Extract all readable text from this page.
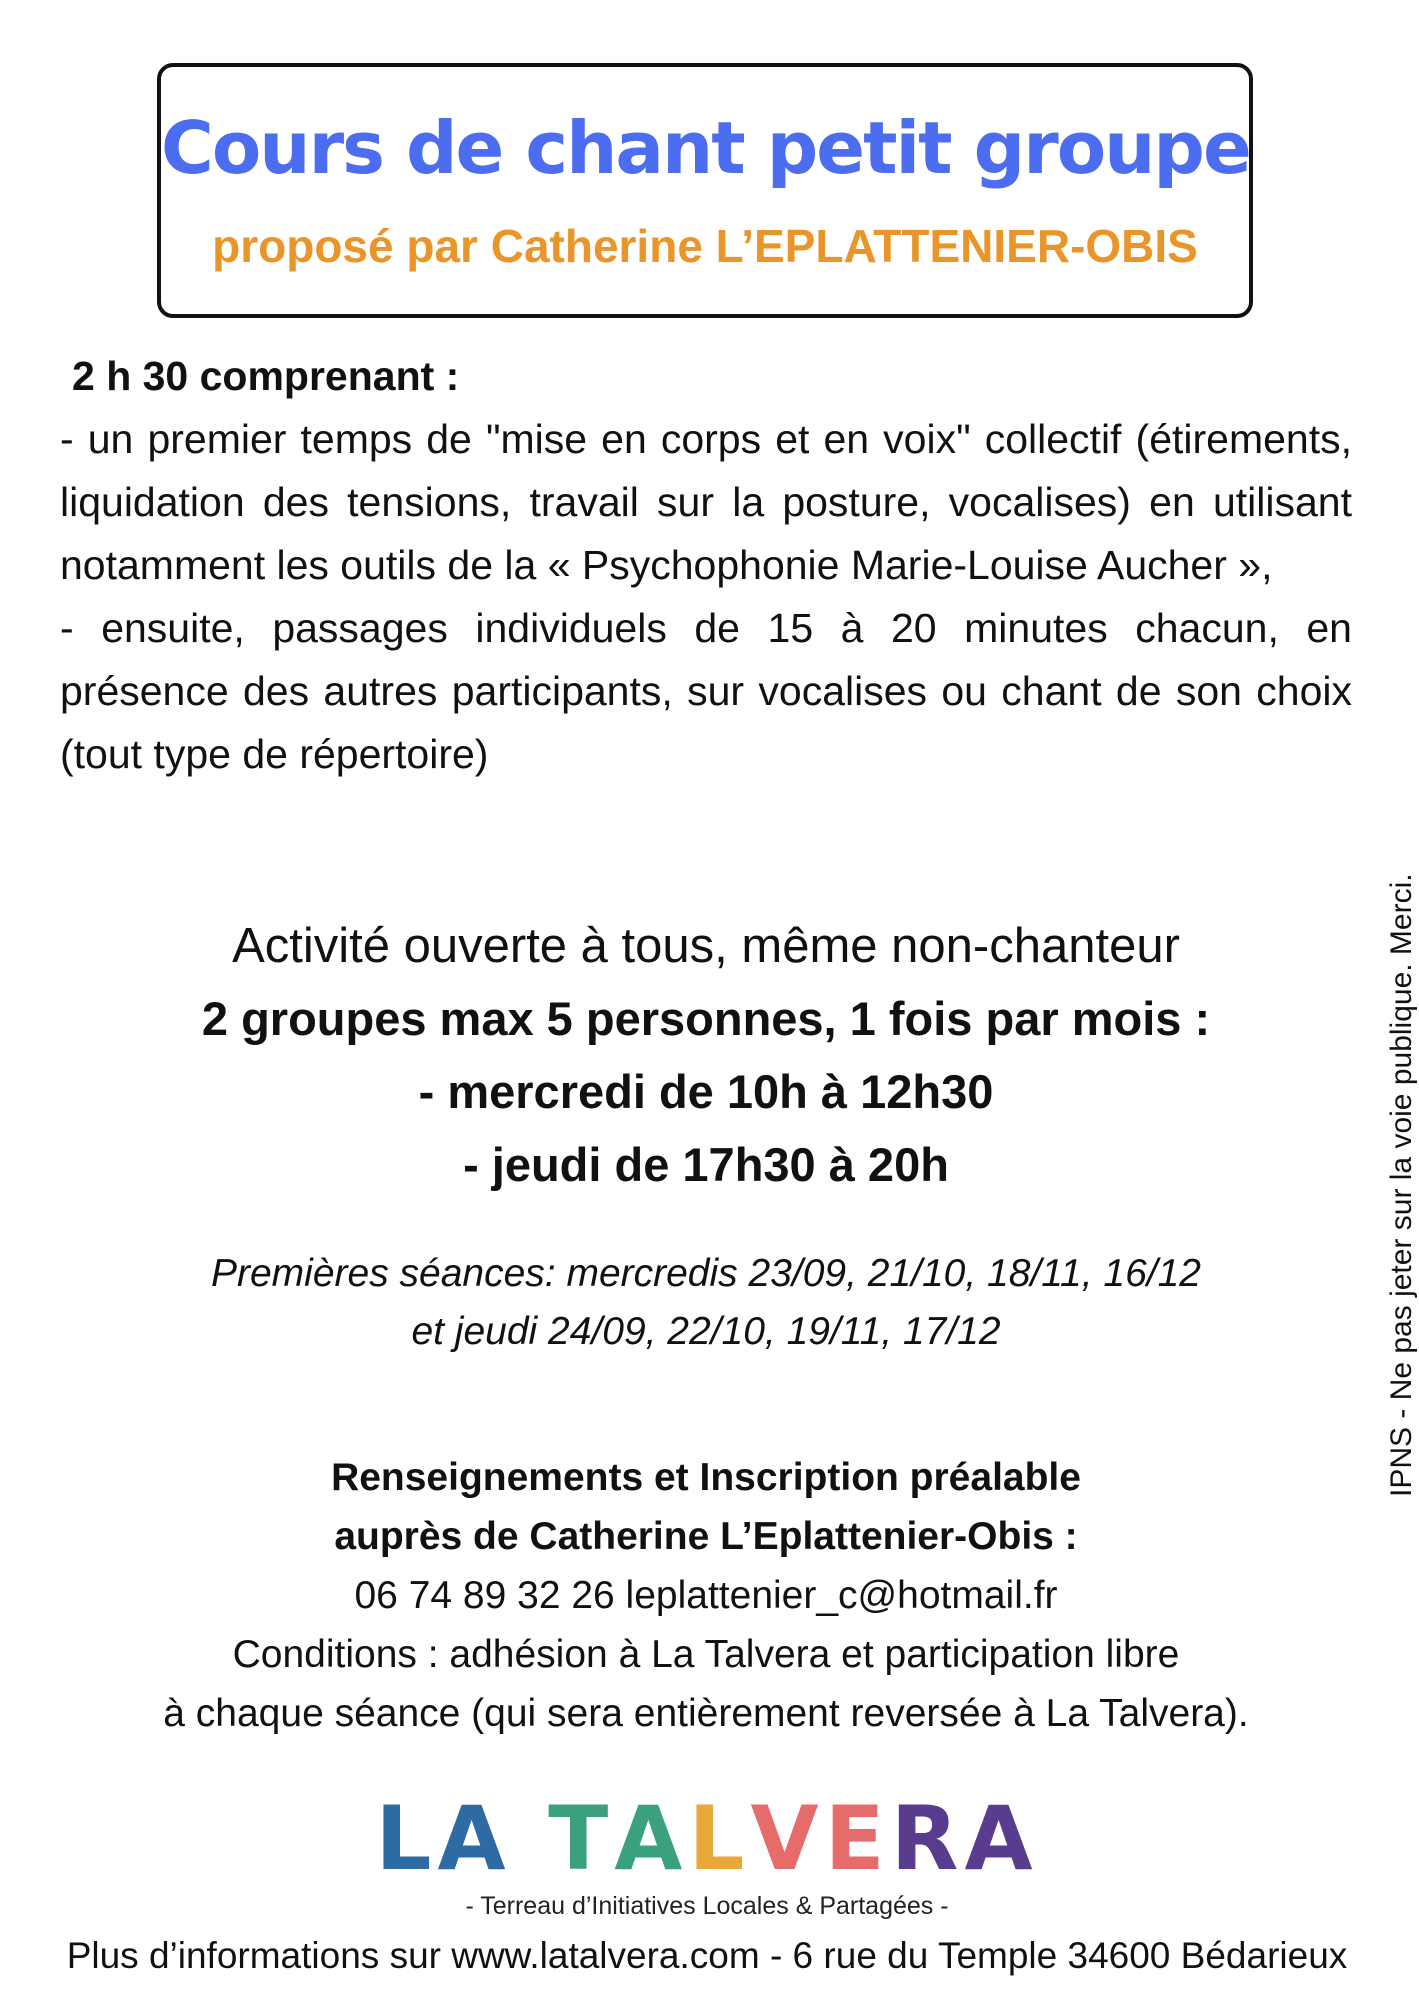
Cours de chant petit groupe
proposé par Catherine L’EPLATTENIER-OBIS

2 h 30 comprenant :

- un premier temps de "mise en corps et en voix" collectif (étirements, liquidation des tensions, travail sur la posture, vocalises) en utilisant notamment les outils de la « Psychophonie Marie-Louise Aucher »,

- ensuite, passages individuels de 15 à 20 minutes chacun, en présence des autres participants, sur vocalises ou chant de son choix (tout type de répertoire)

Activité ouverte à tous, même non-chanteur

2 groupes max 5 personnes, 1 fois par mois :

- mercredi de 10h à 12h30

- jeudi de 17h30 à 20h

Premières séances: mercredis 23/09, 21/10, 18/11, 16/12

et jeudi 24/09, 22/10, 19/11, 17/12

Renseignements et Inscription préalable

auprès de Catherine L’Eplattenier-Obis :

06 74 89 32 26 leplattenier_c@hotmail.fr

Conditions : adhésion à La Talvera et participation libre

à chaque séance (qui sera entièrement reversée à La Talvera).

LA TALVERA
- Terreau d’Initiatives Locales & Partagées -
Plus d’informations sur www.latalvera.com - 6 rue du Temple 34600 Bédarieux
IPNS - Ne pas jeter sur la voie publique. Merci.
